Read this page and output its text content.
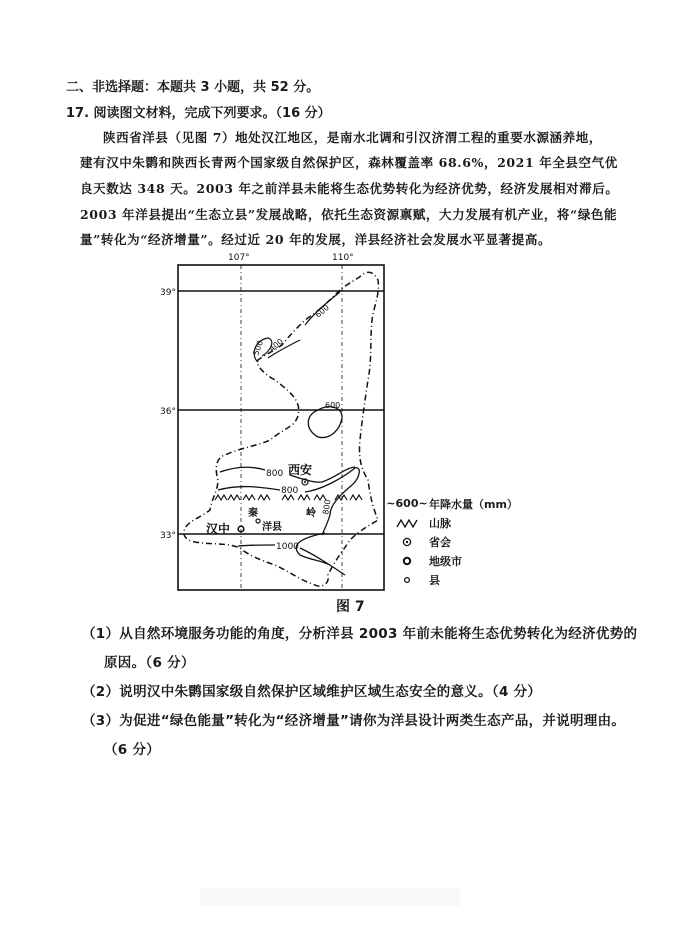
二、非选择题：本题共 3 小题，共 52 分。
17. 阅读图文材料，完成下列要求。（16 分）
陕西省洋县（见图 7）地处汉江地区，是南水北调和引汉济渭工程的重要水源涵养地，
建有汉中朱鹮和陕西长青两个国家级自然保护区，森林覆盖率 68.6%，2021 年全县空气优
良天数达 348 天。2003 年之前洋县未能将生态优势转化为经济优势，经济发展相对滞后。
2003 年洋县提出“生态立县”发展战略，依托生态资源禀赋，大力发展有机产业，将“绿色能
量”转化为“经济增量”。经过近 20 年的发展，洋县经济社会发展水平显著提高。
107°	110°
39°
36°
33°
500 400
600
600
800
800
800
1000
西安
汉中	洋县
秦	岭
~600~ 年降水量（mm）
山脉
省会
地级市
县
图 7
（1）从自然环境服务功能的角度，分析洋县 2003 年前未能将生态优势转化为经济优势的
原因。（6 分）
（2）说明汉中朱鹮国家级自然保护区域维护区域生态安全的意义。（4 分）
（3）为促进“绿色能量”转化为“经济增量”请你为洋县设计两类生态产品，并说明理由。
（6 分）
